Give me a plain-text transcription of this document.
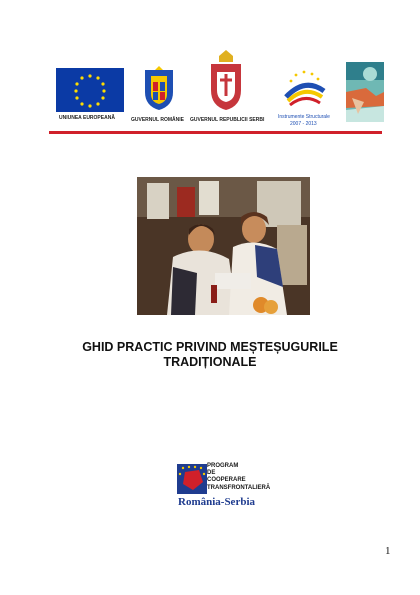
UNIUNEA EUROPEANĂ	GUVERNUL ROMÂNIE GUVERNUL REPUBLICII SERBI	Instrumente Structurale
2007 - 2013
GHID PRACTIC PRIVIND MEȘTEȘUGURILE
TRADIȚIONALE
PROGRAM
DE
COOPERARE
TRANSFRONTALIERĂ
România-Serbia
1
